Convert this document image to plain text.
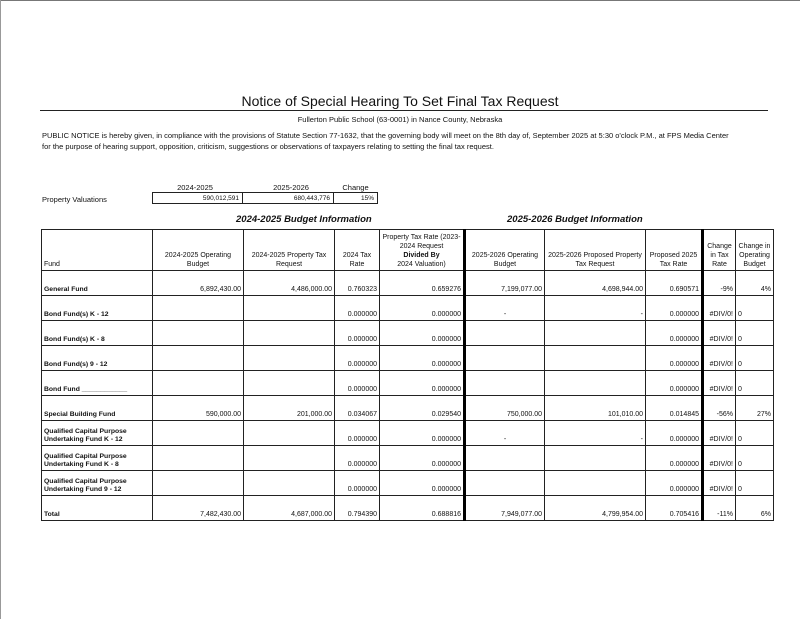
Notice of Special Hearing To Set Final Tax Request
Fullerton Public School (63-0001) in Nance County, Nebraska
PUBLIC NOTICE is hereby given, in compliance with the provisions of Statute Section 77-1632, that the governing body will meet on the 8th day of, September 2025 at 5:30 o'clock P.M., at FPS Media Center
for the purpose of hearing support, opposition, criticism, suggestions or observations of taxpayers relating to setting the final tax request.
2024-2025	2025-2026	Change
Property Valuations	590,012,591	680,443,776	15%
2024-2025 Budget Information	2025-2026 Budget Information
Fund	2024-2025 Operating Budget	2024-2025 Property Tax Request	2024 Tax Rate	Property Tax Rate (2023-2024 Request
Divided By
2024 Valuation)	2025-2026 Operating Budget	2025-2026 Proposed Property Tax Request	Proposed 2025 Tax Rate	Change in Tax Rate	Change in Operating Budget
General Fund	6,892,430.00	4,486,000.00	0.760323	0.659276	7,199,077.00	4,698,944.00	0.690571	-9%	4%
Bond Fund(s) K - 12			0.000000	0.000000	-	-	0.000000	#DIV/0!	0
Bond Fund(s) K - 8			0.000000	0.000000			0.000000	#DIV/0!	0
Bond Fund(s) 9 - 12			0.000000	0.000000			0.000000	#DIV/0!	0
Bond Fund ____________			0.000000	0.000000			0.000000	#DIV/0!	0
Special Building Fund	590,000.00	201,000.00	0.034067	0.029540	750,000.00	101,010.00	0.014845	-56%	27%
Qualified Capital Purpose Undertaking Fund K - 12			0.000000	0.000000	-	-	0.000000	#DIV/0!	0
Qualified Capital Purpose Undertaking Fund K - 8			0.000000	0.000000			0.000000	#DIV/0!	0
Qualified Capital Purpose Undertaking Fund 9 - 12			0.000000	0.000000			0.000000	#DIV/0!	0
Total	7,482,430.00	4,687,000.00	0.794390	0.688816	7,949,077.00	4,799,954.00	0.705416	-11%	6%
